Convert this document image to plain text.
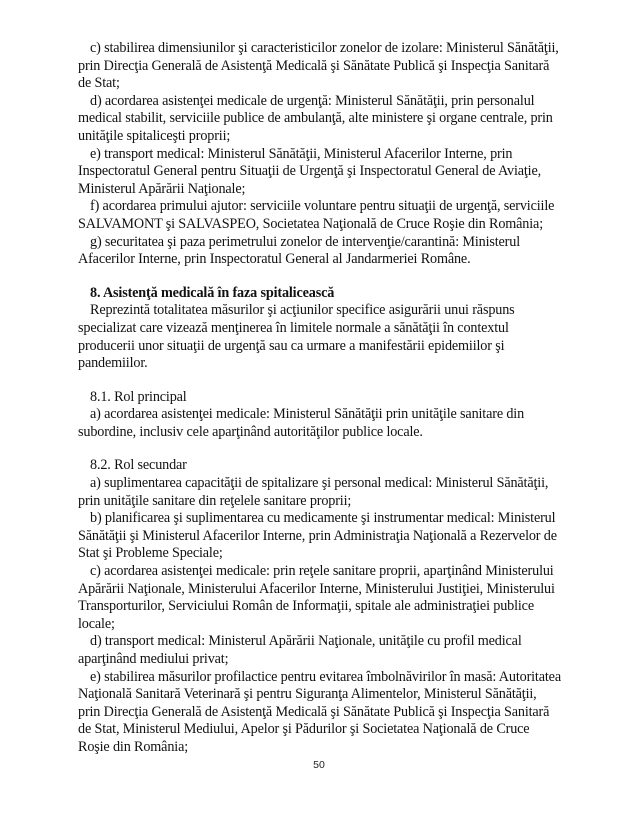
c) stabilirea dimensiunilor şi caracteristicilor zonelor de izolare: Ministerul Sănătăţii, prin Direcţia Generală de Asistenţă Medicală şi Sănătate Publică şi Inspecţia Sanitară de Stat;

d) acordarea asistenţei medicale de urgenţă: Ministerul Sănătăţii, prin personalul medical stabilit, serviciile publice de ambulanţă, alte ministere şi organe centrale, prin unităţile spitaliceşti proprii;

e) transport medical: Ministerul Sănătăţii, Ministerul Afacerilor Interne, prin Inspectoratul General pentru Situaţii de Urgenţă şi Inspectoratul General de Aviaţie, Ministerul Apărării Naţionale;

f) acordarea primului ajutor: serviciile voluntare pentru situaţii de urgenţă, serviciile SALVAMONT şi SALVASPEO, Societatea Naţională de Cruce Roşie din România;

g) securitatea şi paza perimetrului zonelor de intervenţie/carantină: Ministerul Afacerilor Interne, prin Inspectoratul General al Jandarmeriei Române.

8. Asistenţă medicală în faza spitalicească

Reprezintă totalitatea măsurilor şi acţiunilor specifice asigurării unui răspuns specializat care vizează menţinerea în limitele normale a sănătăţii în contextul producerii unor situaţii de urgenţă sau ca urmare a manifestării epidemiilor şi pandemiilor.

8.1. Rol principal

a) acordarea asistenţei medicale: Ministerul Sănătăţii prin unităţile sanitare din subordine, inclusiv cele aparţinând autorităţilor publice locale.

8.2. Rol secundar

a) suplimentarea capacităţii de spitalizare şi personal medical: Ministerul Sănătăţii, prin unităţile sanitare din reţelele sanitare proprii;

b) planificarea şi suplimentarea cu medicamente şi instrumentar medical: Ministerul Sănătăţii şi Ministerul Afacerilor Interne, prin Administraţia Naţională a Rezervelor de Stat şi Probleme Speciale;

c) acordarea asistenţei medicale: prin reţele sanitare proprii, aparţinând Ministerului Apărării Naţionale, Ministerului Afacerilor Interne, Ministerului Justiţiei, Ministerului Transporturilor, Serviciului Român de Informaţii, spitale ale administraţiei publice locale;

d) transport medical: Ministerul Apărării Naţionale, unităţile cu profil medical aparţinând mediului privat;

e) stabilirea măsurilor profilactice pentru evitarea îmbolnăvirilor în masă: Autoritatea Naţională Sanitară Veterinară şi pentru Siguranţa Alimentelor, Ministerul Sănătăţii, prin Direcţia Generală de Asistenţă Medicală şi Sănătate Publică şi Inspecţia Sanitară de Stat, Ministerul Mediului, Apelor şi Pădurilor şi Societatea Naţională de Cruce Roşie din România;

50
